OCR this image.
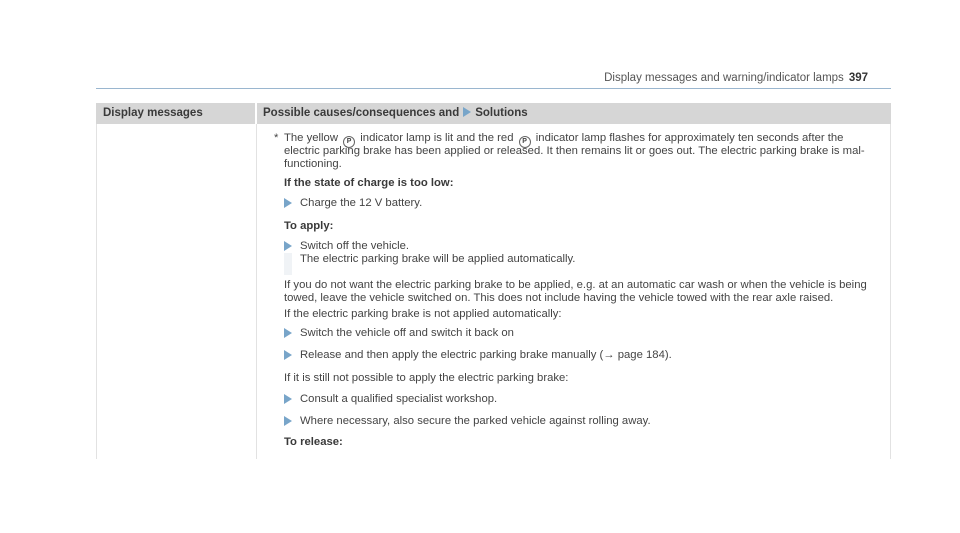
Display messages and warning/indicator lamps 397
Display messages	Possible causes/consequences and Solutions
* The yellow P indicator lamp is lit and the red P indicator lamp flashes for approximately ten seconds after the
electric parking brake has been applied or released. It then remains lit or goes out. The electric parking brake is mal-
functioning.
If the state of charge is too low:
Charge the 12 V battery.
To apply:
Switch off the vehicle.
The electric parking brake will be applied automatically.
If you do not want the electric parking brake to be applied, e.g. at an automatic car wash or when the vehicle is being
towed, leave the vehicle switched on. This does not include having the vehicle towed with the rear axle raised.
If the electric parking brake is not applied automatically:
Switch the vehicle off and switch it back on
Release and then apply the electric parking brake manually (→ page 184).
If it is still not possible to apply the electric parking brake:
Consult a qualified specialist workshop.
Where necessary, also secure the parked vehicle against rolling away.
To release:
